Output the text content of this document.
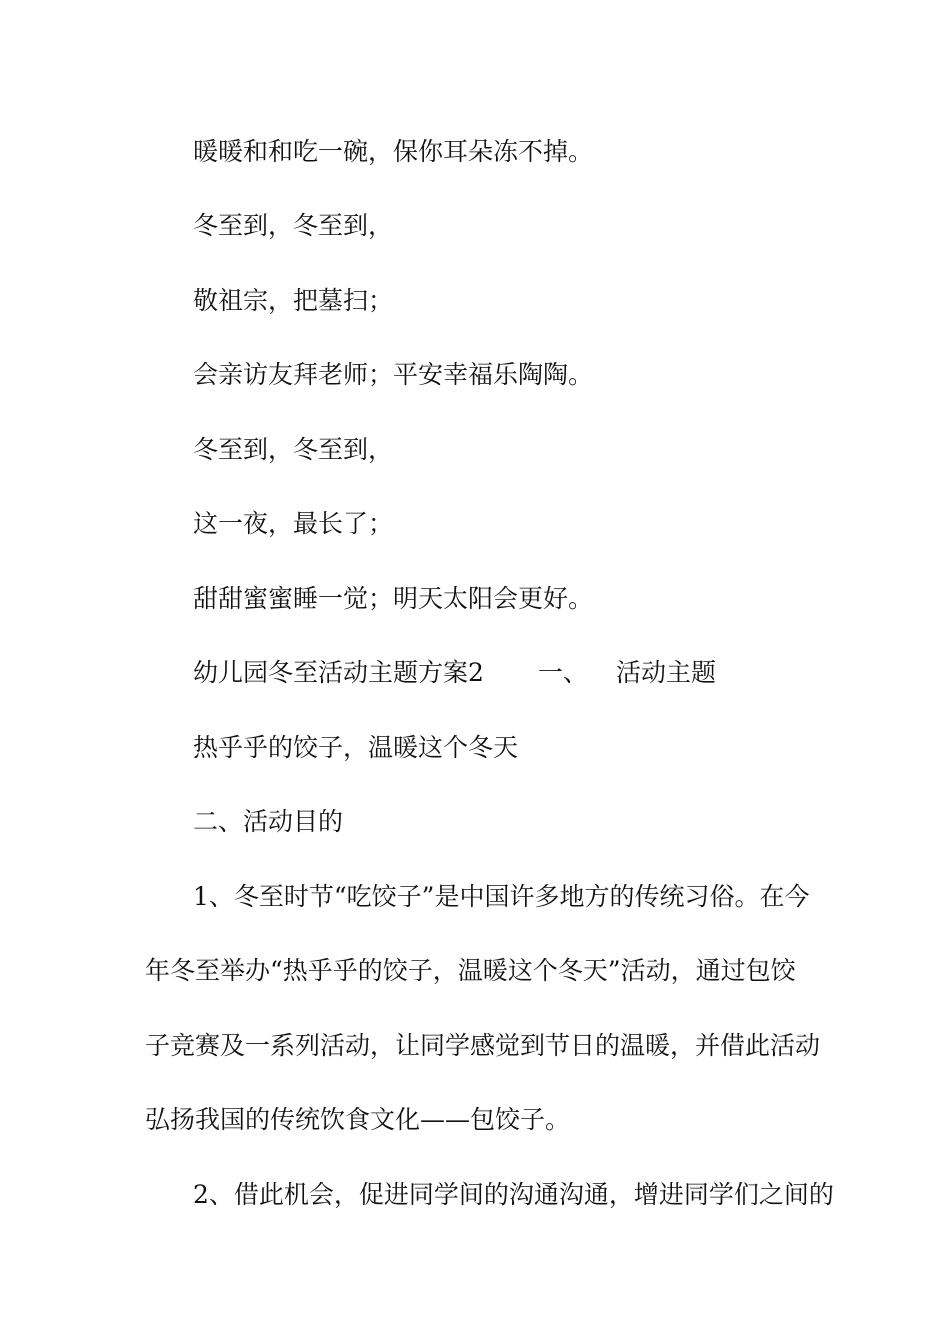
暖暖和和吃一碗，保你耳朵冻不掉。
冬至到，冬至到，
敬祖宗，把墓扫；
会亲访友拜老师；平安幸福乐陶陶。
冬至到，冬至到，
这一夜，最长了；
甜甜蜜蜜睡一觉；明天太阳会更好。
幼儿园冬至活动主题方案2 一、 活动主题
热乎乎的饺子，温暖这个冬天
二、活动目的
1、冬至时节“吃饺子”是中国许多地方的传统习俗。在今
年冬至举办“热乎乎的饺子，温暖这个冬天”活动，通过包饺
子竞赛及一系列活动，让同学感觉到节日的温暖，并借此活动
弘扬我国的传统饮食文化——包饺子。
2、借此机会，促进同学间的沟通沟通，增进同学们之间的
